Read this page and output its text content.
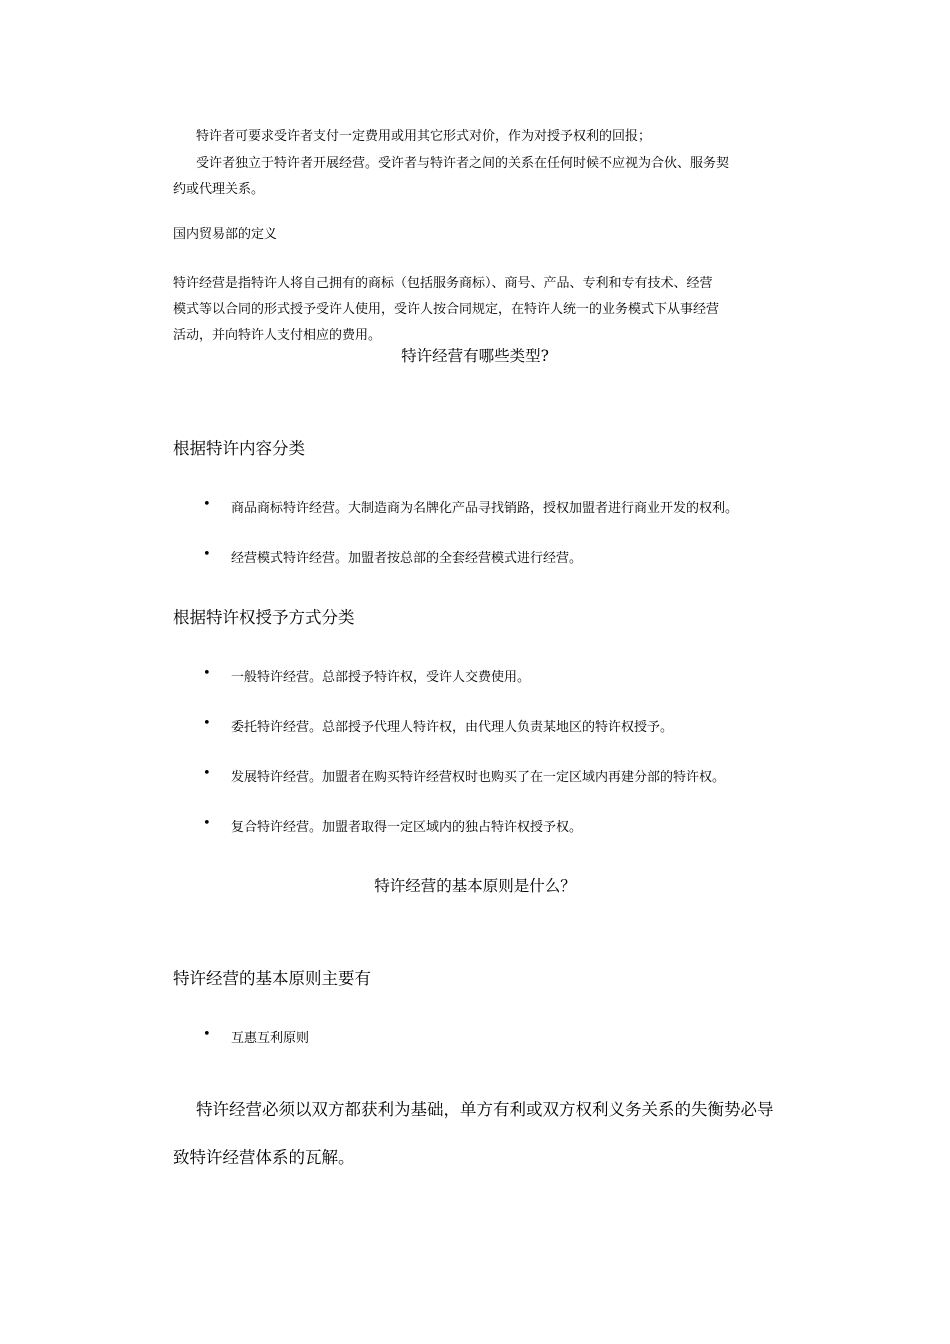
特许者可要求受许者支付一定费用或用其它形式对价，作为对授予权利的回报；
受许者独立于特许者开展经营。受许者与特许者之间的关系在任何时候不应视为合伙、服务契
约或代理关系。
国内贸易部的定义
特许经营是指特许人将自己拥有的商标（包括服务商标）、商号、产品、专利和专有技术、经营
模式等以合同的形式授予受许人使用，受许人按合同规定，在特许人统一的业务模式下从事经营
活动，并向特许人支付相应的费用。
特许经营有哪些类型?
根据特许内容分类
• 商品商标特许经营。大制造商为名牌化产品寻找销路，授权加盟者进行商业开发的权利。
• 经营模式特许经营。加盟者按总部的全套经营模式进行经营。
根据特许权授予方式分类
• 一般特许经营。总部授予特许权，受许人交费使用。
• 委托特许经营。总部授予代理人特许权，由代理人负责某地区的特许权授予。
• 发展特许经营。加盟者在购买特许经营权时也购买了在一定区域内再建分部的特许权。
• 复合特许经营。加盟者取得一定区域内的独占特许权授予权。
特许经营的基本原则是什么？
特许经营的基本原则主要有
• 互惠互利原则
特许经营必须以双方都获利为基础，单方有利或双方权利义务关系的失衡势必导
致特许经营体系的瓦解。
